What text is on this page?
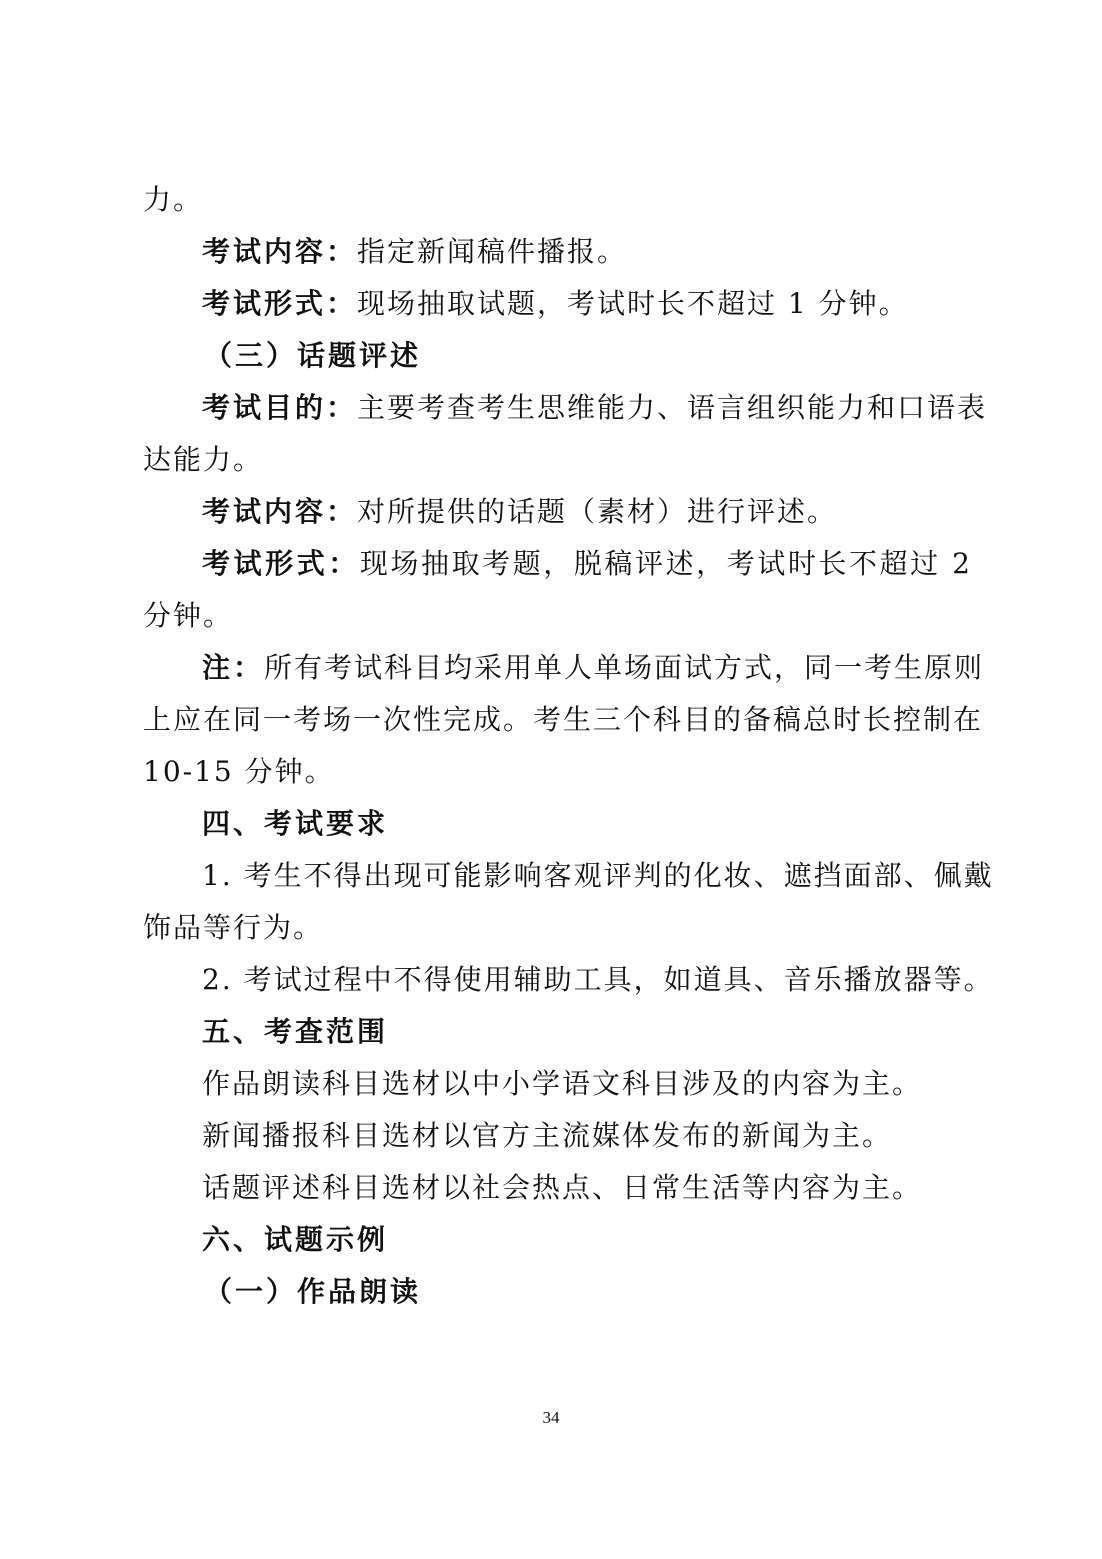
力。
考试内容：指定新闻稿件播报。
考试形式：现场抽取试题，考试时长不超过 1 分钟。
（三）话题评述
考试目的：主要考查考生思维能力、语言组织能力和口语表
达能力。
考试内容：对所提供的话题（素材）进行评述。
考试形式：现场抽取考题，脱稿评述，考试时长不超过 2
分钟。
注：所有考试科目均采用单人单场面试方式，同一考生原则
上应在同一考场一次性完成。考生三个科目的备稿总时长控制在
10-15 分钟。
四、考试要求
1. 考生不得出现可能影响客观评判的化妆、遮挡面部、佩戴
饰品等行为。
2. 考试过程中不得使用辅助工具，如道具、音乐播放器等。
五、考查范围
作品朗读科目选材以中小学语文科目涉及的内容为主。
新闻播报科目选材以官方主流媒体发布的新闻为主。
话题评述科目选材以社会热点、日常生活等内容为主。
六、试题示例
（一）作品朗读
34
